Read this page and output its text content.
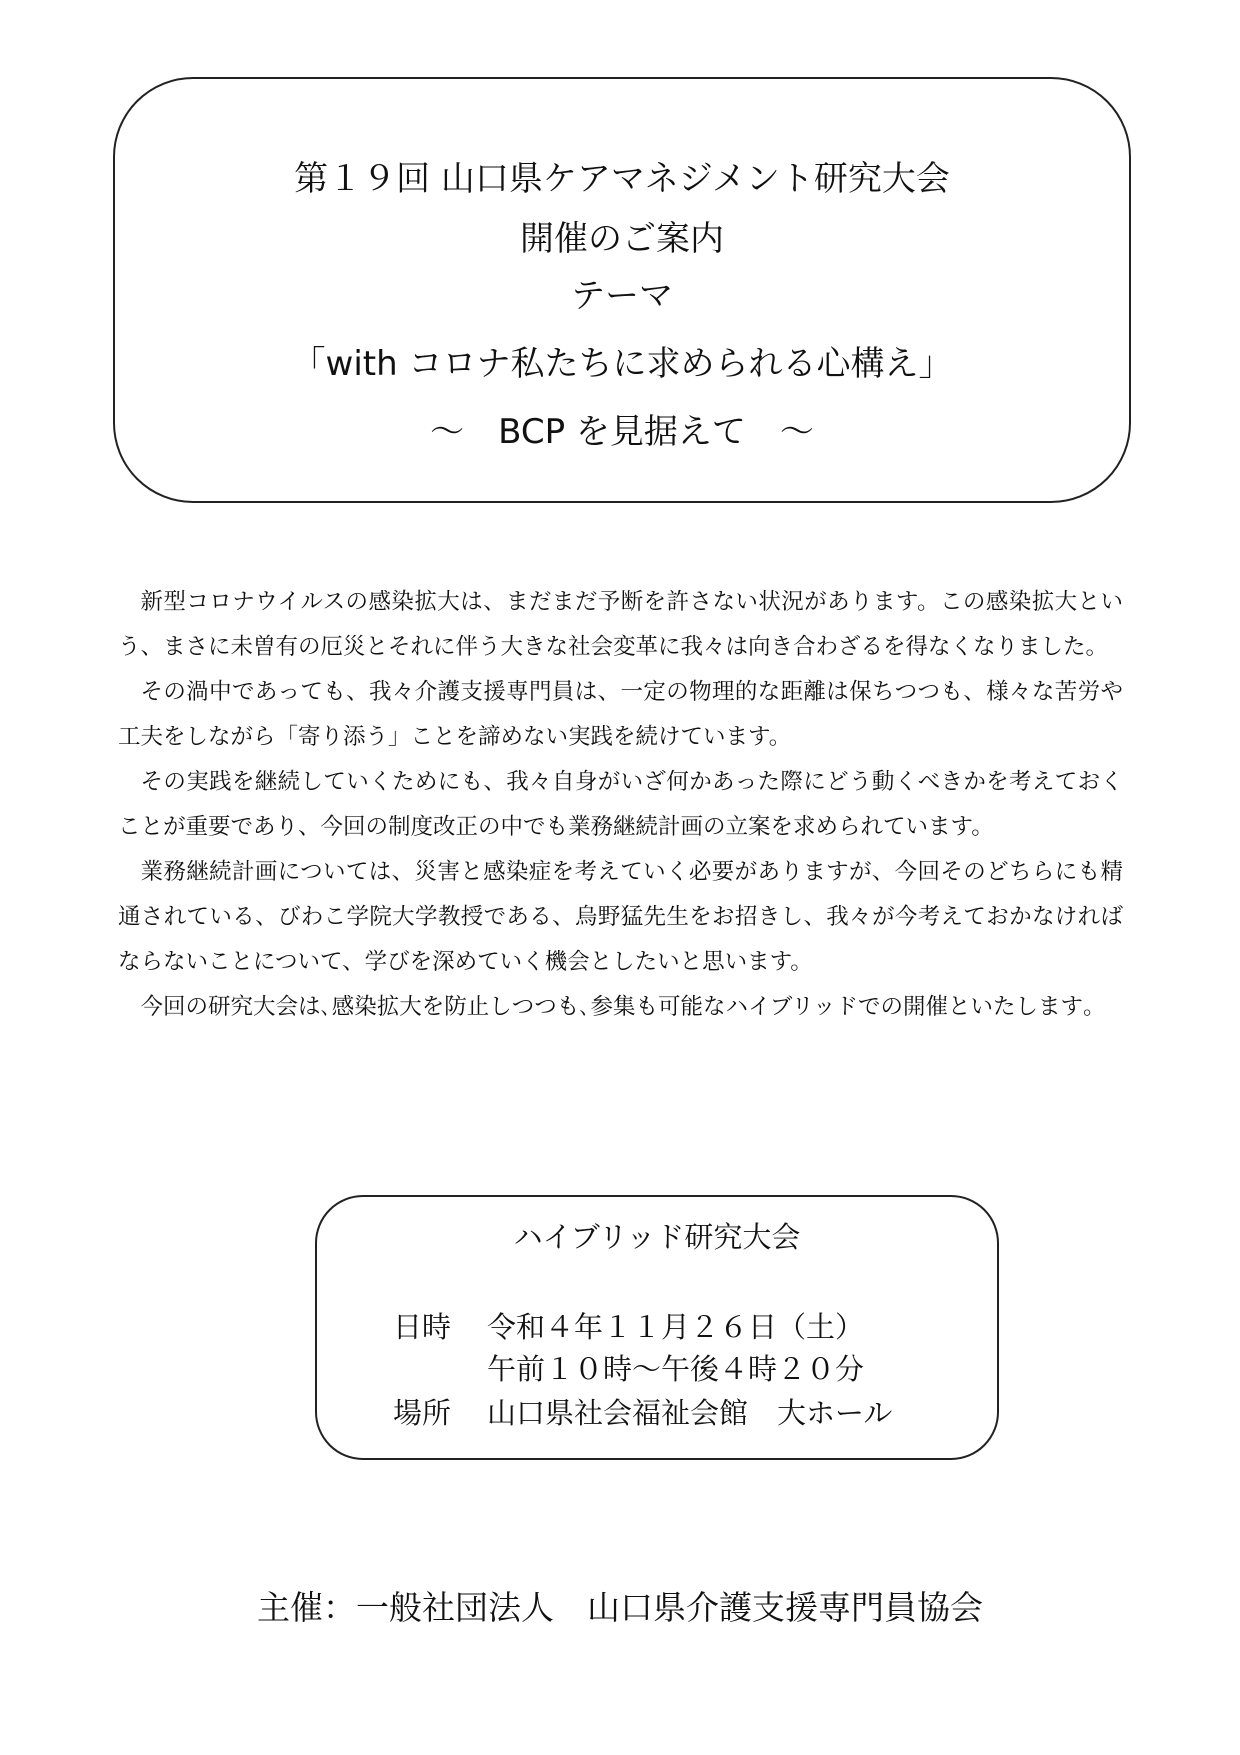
第１９回 山口県ケアマネジメント研究大会
開催のご案内
テーマ
「with コロナ私たちに求められる心構え」
～　BCP を見据えて　～

新型コロナウイルスの感染拡大は、まだまだ予断を許さない状況があります。この感染拡大という、まさに未曽有の厄災とそれに伴う大きな社会変革に我々は向き合わざるを得なくなりました。

その渦中であっても、我々介護支援専門員は、一定の物理的な距離は保ちつつも、様々な苦労や工夫をしながら「寄り添う」ことを諦めない実践を続けています。

その実践を継続していくためにも、我々自身がいざ何かあった際にどう動くべきかを考えておくことが重要であり、今回の制度改正の中でも業務継続計画の立案を求められています。

業務継続計画については、災害と感染症を考えていく必要がありますが、今回そのどちらにも精通されている、びわこ学院大学教授である、烏野猛先生をお招きし、我々が今考えておかなければならないことについて、学びを深めていく機会としたいと思います。

今回の研究大会は､感染拡大を防止しつつも､参集も可能なハイブリッドでの開催といたします｡

ハイブリッド研究大会
日時 令和４年１１月２６日（土）
午前１０時～午後４時２０分
場所 山口県社会福祉会館　大ホール
主催：一般社団法人　山口県介護支援専門員協会
